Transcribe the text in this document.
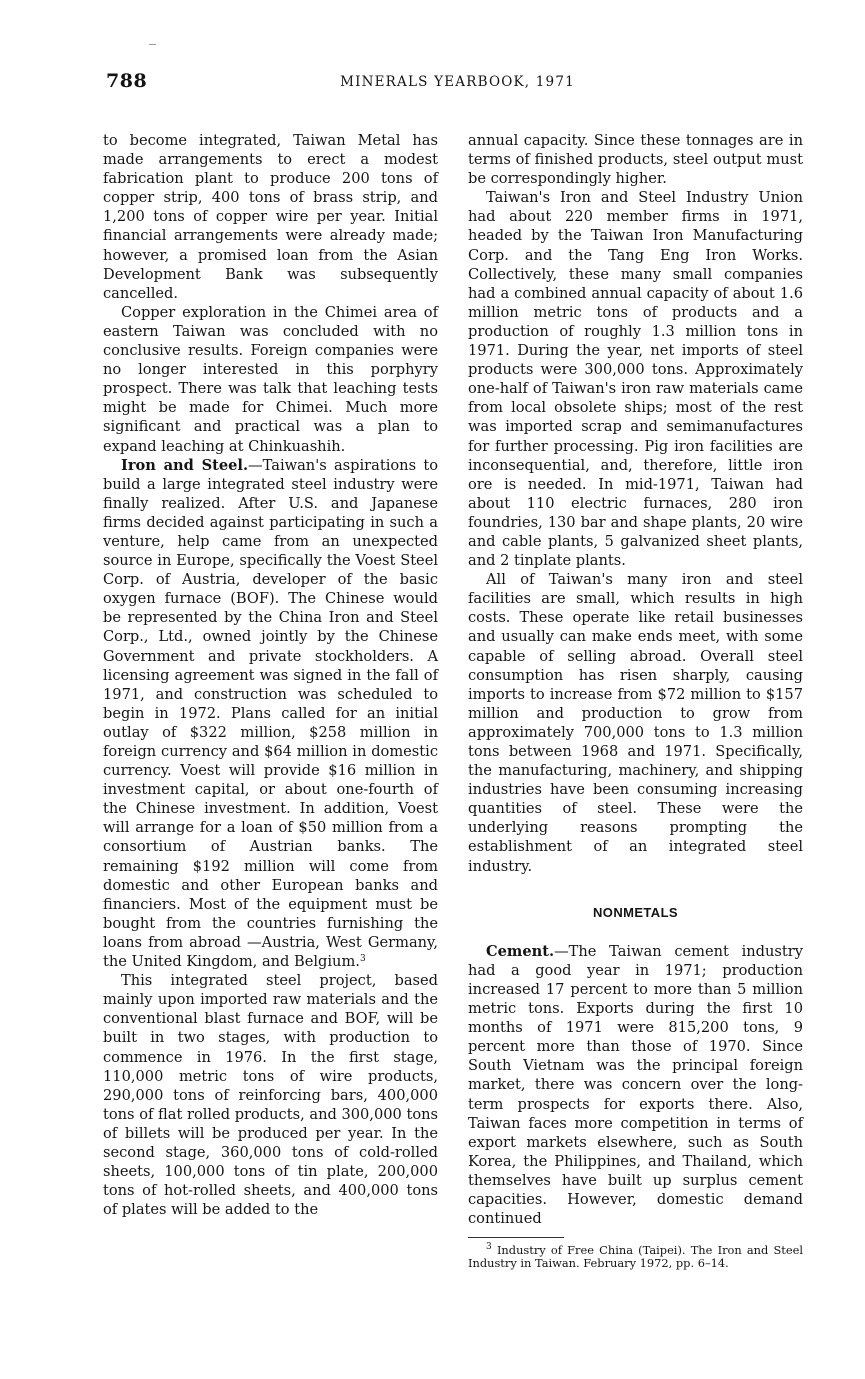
788	MINERALS YEARBOOK, 1971

to become integrated, Taiwan Metal has made arrangements to erect a modest fabrication plant to produce 200 tons of copper strip, 400 tons of brass strip, and 1,200 tons of copper wire per year. Initial financial arrangements were already made; however, a promised loan from the Asian Development Bank was subsequently cancelled.

Copper exploration in the Chimei area of eastern Taiwan was concluded with no conclusive results. Foreign companies were no longer interested in this porphyry prospect. There was talk that leaching tests might be made for Chimei. Much more significant and practical was a plan to expand leaching at Chinkuashih.

Iron and Steel.—Taiwan's aspirations to build a large integrated steel industry were finally realized. After U.S. and Japanese firms decided against participating in such a venture, help came from an unexpected source in Europe, specifically the Voest Steel Corp. of Austria, developer of the basic oxygen furnace (BOF). The Chinese would be represented by the China Iron and Steel Corp., Ltd., owned jointly by the Chinese Government and private stockholders. A licensing agreement was signed in the fall of 1971, and construction was scheduled to begin in 1972. Plans called for an initial outlay of $322 million, $258 million in foreign currency and $64 million in domestic currency. Voest will provide $16 million in investment capital, or about one-fourth of the Chinese investment. In addition, Voest will arrange for a loan of $50 million from a consortium of Austrian banks. The remaining $192 million will come from domestic and other European banks and financiers. Most of the equipment must be bought from the countries furnishing the loans from abroad —Austria, West Germany, the United Kingdom, and Belgium.$^3$

This integrated steel project, based mainly upon imported raw materials and the conventional blast furnace and BOF, will be built in two stages, with production to commence in 1976. In the first stage, 110,000 metric tons of wire products, 290,000 tons of reinforcing bars, 400,000 tons of flat rolled products, and 300,000 tons of billets will be produced per year. In the second stage, 360,000 tons of cold-rolled sheets, 100,000 tons of tin plate, 200,000 tons of hot-rolled sheets, and 400,000 tons of plates will be added to the

annual capacity. Since these tonnages are in terms of finished products, steel output must be correspondingly higher.

Taiwan's Iron and Steel Industry Union had about 220 member firms in 1971, headed by the Taiwan Iron Manufacturing Corp. and the Tang Eng Iron Works. Collectively, these many small companies had a combined annual capacity of about 1.6 million metric tons of products and a production of roughly 1.3 million tons in 1971. During the year, net imports of steel products were 300,000 tons. Approximately one-half of Taiwan's iron raw materials came from local obsolete ships; most of the rest was imported scrap and semimanufactures for further processing. Pig iron facilities are inconsequential, and, therefore, little iron ore is needed. In mid-1971, Taiwan had about 110 electric furnaces, 280 iron foundries, 130 bar and shape plants, 20 wire and cable plants, 5 galvanized sheet plants, and 2 tinplate plants.

All of Taiwan's many iron and steel facilities are small, which results in high costs. These operate like retail businesses and usually can make ends meet, with some capable of selling abroad. Overall steel consumption has risen sharply, causing imports to increase from $72 million to $157 million and production to grow from approximately 700,000 tons to 1.3 million tons between 1968 and 1971. Specifically, the manufacturing, machinery, and shipping industries have been consuming increasing quantities of steel. These were the underlying reasons prompting the establishment of an integrated steel industry.

NONMETALS

Cement.—The Taiwan cement industry had a good year in 1971; production increased 17 percent to more than 5 million metric tons. Exports during the first 10 months of 1971 were 815,200 tons, 9 percent more than those of 1970. Since South Vietnam was the principal foreign market, there was concern over the long-term prospects for exports there. Also, Taiwan faces more competition in terms of export markets elsewhere, such as South Korea, the Philippines, and Thailand, which themselves have built up surplus cement capacities. However, domestic demand continued

$^3$ Industry of Free China (Taipei). The Iron and Steel Industry in Taiwan. February 1972, pp. 6–14.
